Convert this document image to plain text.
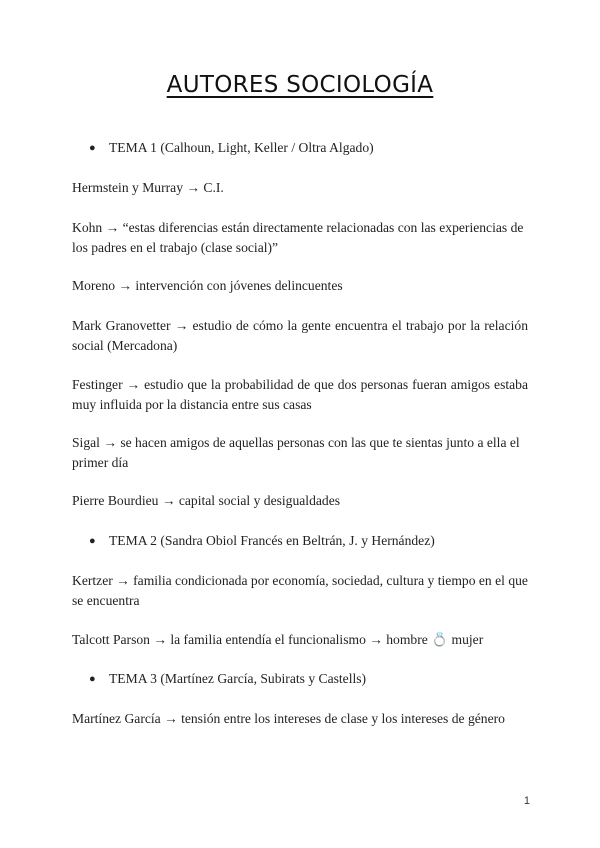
AUTORES SOCIOLOGÍA
● TEMA 1 (Calhoun, Light, Keller / Oltra Algado)

Hermstein y Murray → C.I.

Kohn → “estas diferencias están directamente relacionadas con las experiencias de los padres en el trabajo (clase social)”

Moreno → intervención con jóvenes delincuentes

Mark Granovetter → estudio de cómo la gente encuentra el trabajo por la relación social (Mercadona)

Festinger → estudio que la probabilidad de que dos personas fueran amigos estaba muy influida por la distancia entre sus casas

Sigal → se hacen amigos de aquellas personas con las que te sientas junto a ella el primer día

Pierre Bourdieu → capital social y desigualdades

● TEMA 2 (Sandra Obiol Francés en Beltrán, J. y Hernández)

Kertzer → familia condicionada por economía, sociedad, cultura y tiempo en el que se encuentra

Talcott Parson → la familia entendía el funcionalismo → hombre 💍 mujer

● TEMA 3 (Martínez García, Subirats y Castells)

Martínez García → tensión entre los intereses de clase y los intereses de género

1
